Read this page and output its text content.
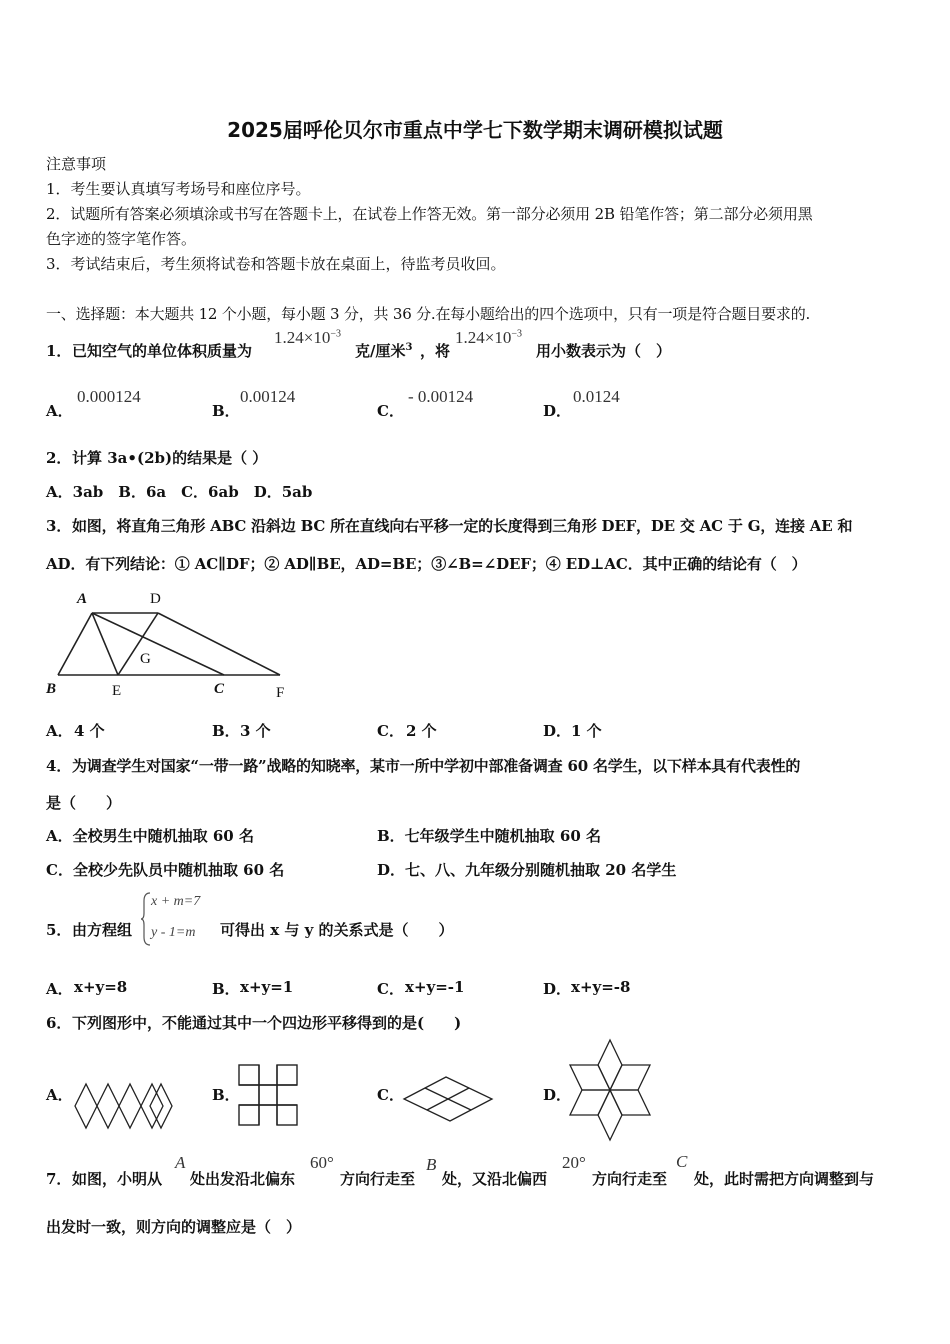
2025届呼伦贝尔市重点中学七下数学期末调研模拟试题
注意事项
1．考生要认真填写考场号和座位序号。
2．试题所有答案必须填涂或书写在答题卡上，在试卷上作答无效。第一部分必须用 2B 铅笔作答；第二部分必须用黑
色字迹的签字笔作答。
3．考试结束后，考生须将试卷和答题卡放在桌面上，待监考员收回。
一、选择题：本大题共 12 个小题，每小题 3 分，共 36 分.在每小题给出的四个选项中，只有一项是符合题目要求的.
1． 已知空气的单位体积质量为
$1.24\times 10^{-3}$
克/厘米$^3$ ，将
$1.24\times 10^{-3}$
用小数表示为（　）
A．
0.000124
B．
0.00124
C．
- 0.00124
D．
0.0124
2． 计算 3a•(2b)的结果是（ ）
A．3ab　B．6a　C．6ab　D．5ab
3． 如图，将直角三角形 ABC 沿斜边 BC 所在直线向右平移一定的长度得到三角形 DEF，DE 交 AC 于 G，连接 AE 和
AD．有下列结论：① AC∥DF；② AD∥BE，AD=BE；③∠B=∠DEF；④ ED⊥AC．其中正确的结论有（　）
A	D
G
B	E	C	F
A． 4 个	B． 3 个	C． 2 个	D． 1 个
4． 为调查学生对国家“一带一路”战略的知晓率，某市一所中学初中部准备调查 60 名学生，以下样本具有代表性的
是（　　）
A．全校男生中随机抽取 60 名	B．七年级学生中随机抽取 60 名
C．全校少先队员中随机抽取 60 名	D．七、八、九年级分别随机抽取 20 名学生
5． 由方程组
x + m=7
y - 1=m 可得出 x 与 y 的关系式是（　　）
A． x+y=8	B． x+y=1	C． x+y=-1	D． x+y=-8
6． 下列图形中，不能通过其中一个四边形平移得到的是(　　)
A．	B．	C．	D．
7． 如图，小明从
A
处出发沿北偏东
60°
方向行走至
B
处，又沿北偏西
20°
方向行走至
C
处，此时需把方向调整到与
出发时一致，则方向的调整应是（　）
